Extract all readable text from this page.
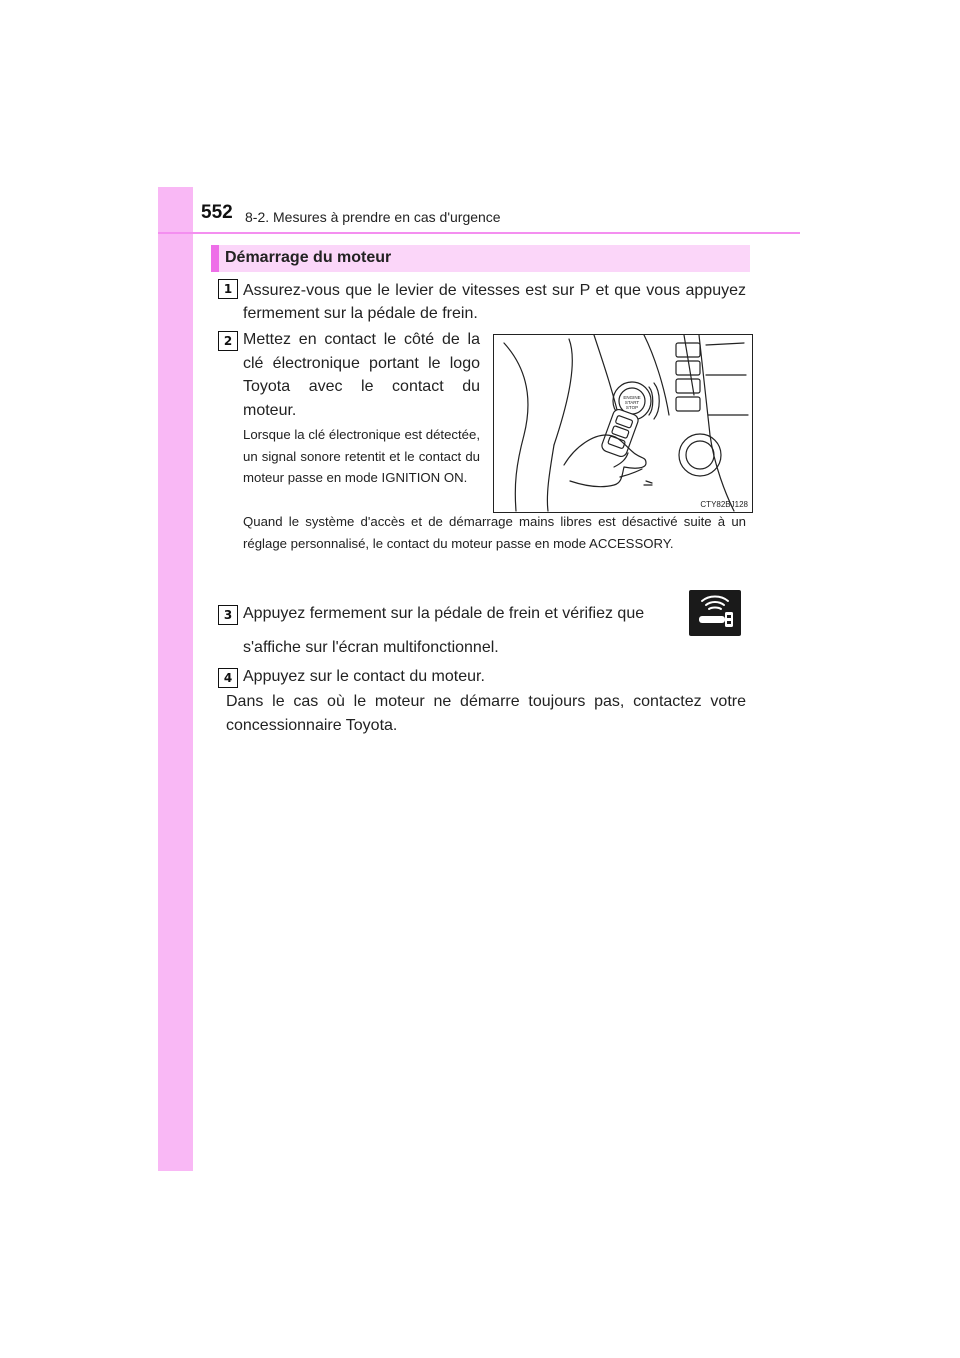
552 8-2. Mesures à prendre en cas d'urgence
Démarrage du moteur
1 Assurez-vous que le levier de vitesses est sur P et que vous appuyez fermement sur la pédale de frein.
2 Mettez en contact le côté de la clé électronique portant le logo Toyota avec le contact du moteur.
Lorsque la clé électronique est détectée, un signal sonore retentit et le contact du moteur passe en mode IGNITION ON.
ENGINE
START
STOP
CTY82BJ128
Quand le système d'accès et de démarrage mains libres est désactivé suite à un réglage personnalisé, le contact du moteur passe en mode ACCESSORY.
3 Appuyez fermement sur la pédale de frein et vérifiez que
s'affiche sur l'écran multifonctionnel.
4 Appuyez sur le contact du moteur.
Dans le cas où le moteur ne démarre toujours pas, contactez votre concessionnaire Toyota.
